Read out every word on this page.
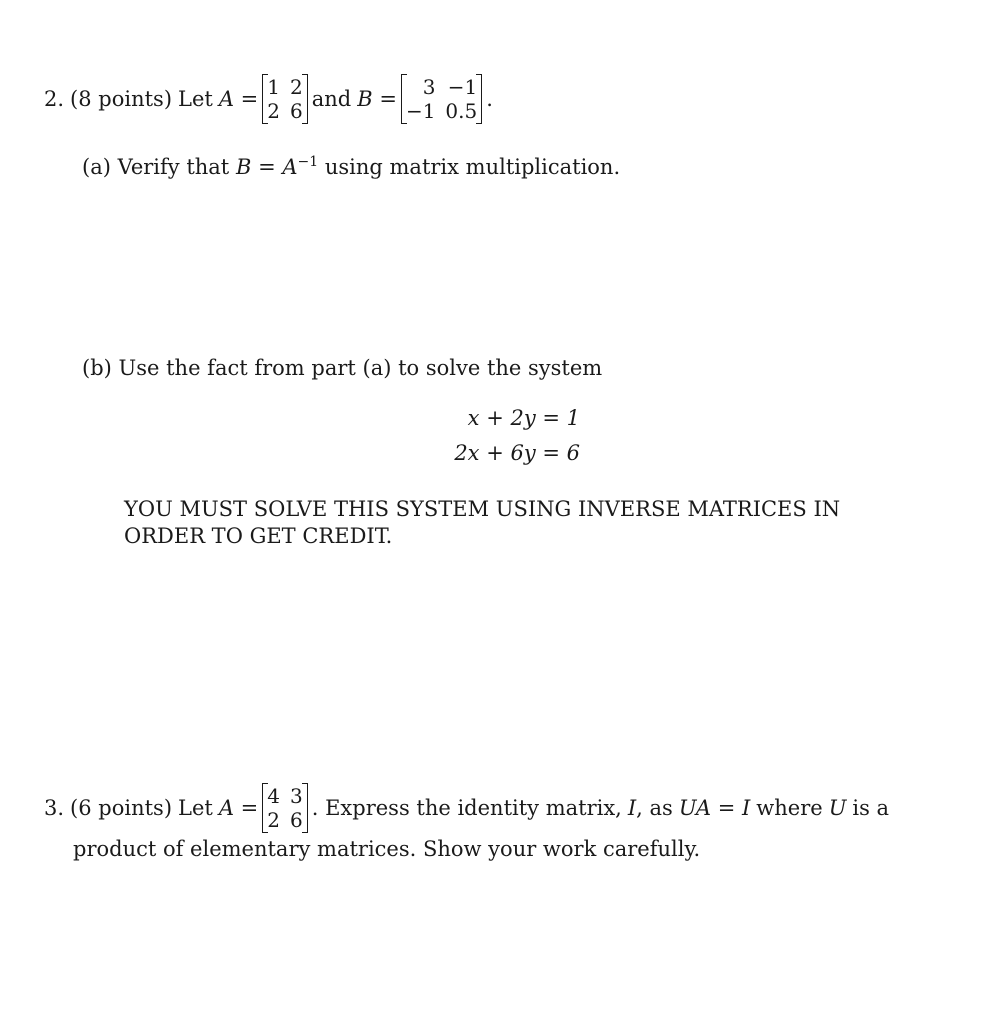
2. (8 points) Let A = 1 2
2 6 and B =	3 −1
−1 0.5 .
(a) Verify that $B = A^{-1}$ using matrix multiplication.
(b) Use the fact from part (a) to solve the system
x + 2y = 1
2x + 6y = 6
YOU MUST SOLVE THIS SYSTEM USING INVERSE MATRICES IN
ORDER TO GET CREDIT.
3. (6 points) Let A = 4 3
2 6 . Express the identity matrix, I , as UA = I where U is a
product of elementary matrices. Show your work carefully.
